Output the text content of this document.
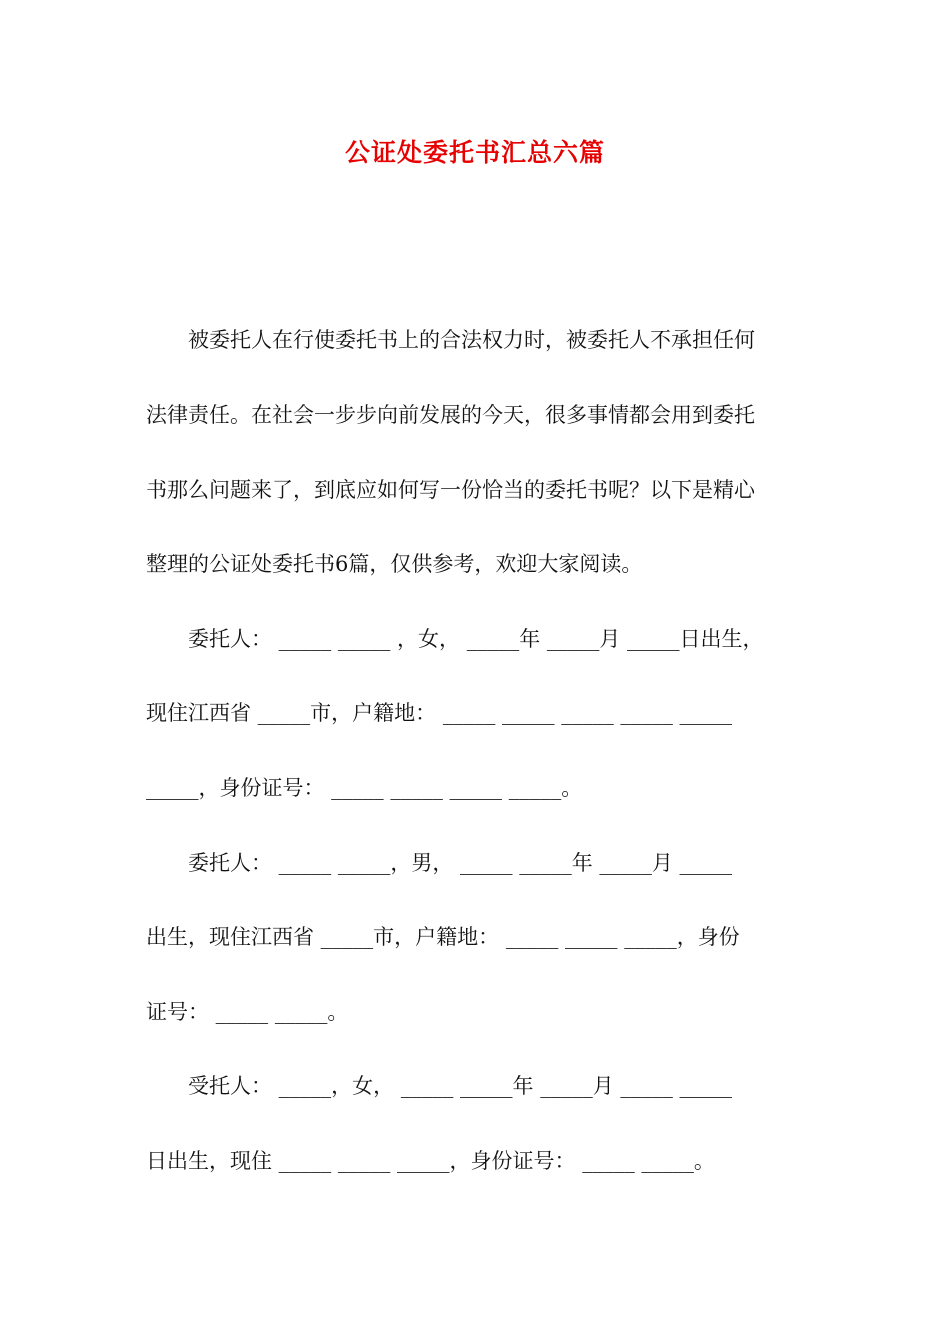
公证处委托书汇总六篇

　　被委托人在行使委托书上的合法权力时，被委托人不承担任何

法律责任。在社会一步步向前发展的今天，很多事情都会用到委托

书那么问题来了，到底应如何写一份恰当的委托书呢？以下是精心

整理的公证处委托书6篇，仅供参考，欢迎大家阅读。

　　委托人： _____ _____ ，女， _____年 _____月 _____日出生，

现住江西省 _____市，户籍地： _____ _____ _____ _____ _____

_____，身份证号： _____ _____ _____ _____。

　　委托人： _____ _____，男， _____ _____年 _____月 _____

出生，现住江西省 _____市，户籍地： _____ _____ _____，身份

证号： _____ _____。

　　受托人： _____，女， _____ _____年 _____月 _____ _____

日出生，现住 _____ _____ _____，身份证号： _____ _____。
